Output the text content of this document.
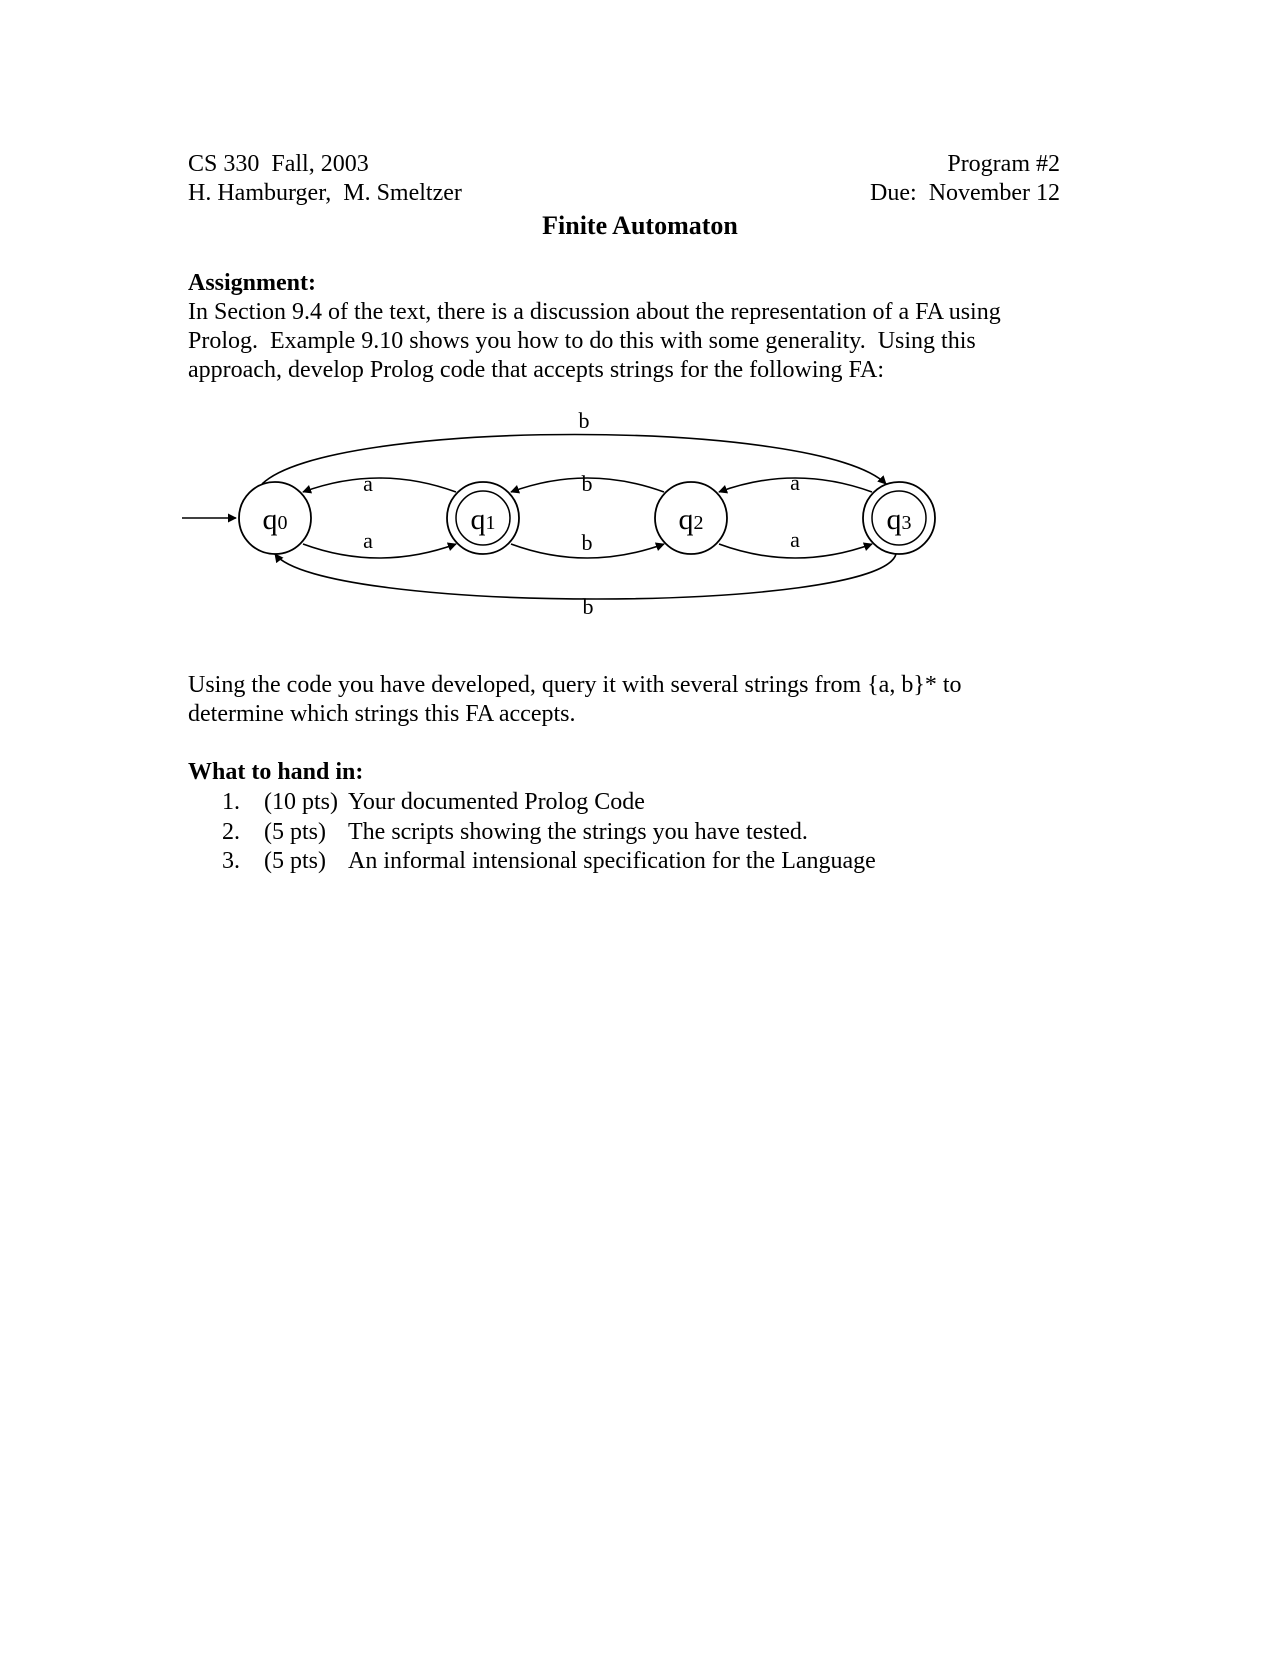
CS 330  Fall, 2003
H. Hamburger,  M. Smeltzer
Program #2
Due:  November 12
Finite Automaton
Assignment:
In Section 9.4 of the text, there is a discussion about the representation of a FA using
Prolog.  Example 9.10 shows you how to do this with some generality.  Using this
approach, develop Prolog code that accepts strings for the following FA:
q0	q1	q2	q3
a
a
b
b
a
a
b
b
Using the code you have developed, query it with several strings from {a, b}* to
determine which strings this FA accepts.
What to hand in:
1.	(10 pts) Your documented Prolog Code
2.	(5 pts) The scripts showing the strings you have tested.
3.	(5 pts) An informal intensional specification for the Language
